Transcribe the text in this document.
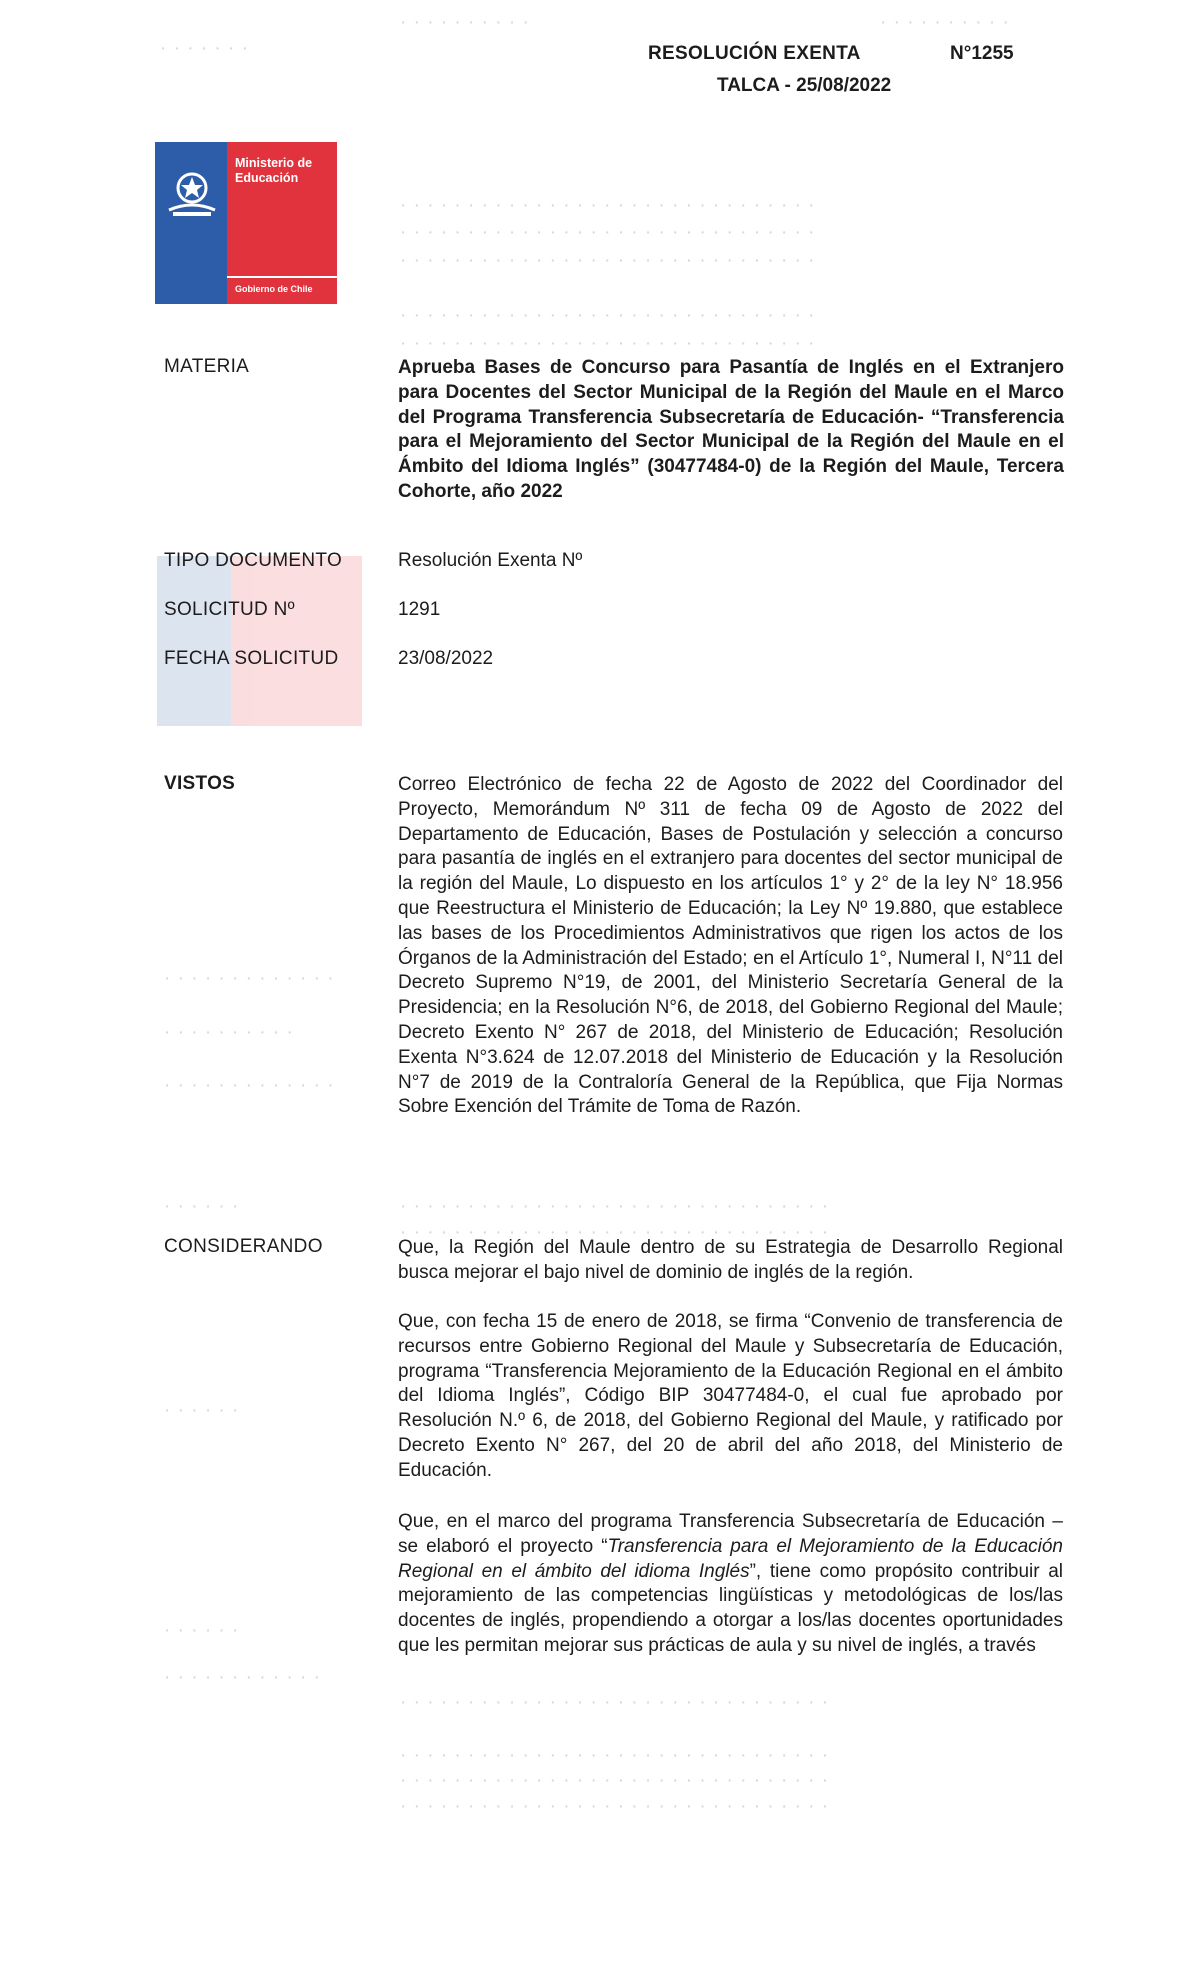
· · · · · · ·
· · · · · · · · · ·	· · · · · · · · · ·
· · · · · · · · · · · · · · · · · · · · · · · · · · · · · · ·
· · · · · · · · · · · · · · · · · · · · · · · · · · · · · · ·
· · · · · · · · · · · · · · · · · · · · · · · · · · · · · · ·
· · · · · · · · · · · · · · · · · · · · · · · · · · · · · · ·
· · · · · · · · · · · · · · · · · · · · · · · · · · · · · · ·
· · · · · · · · · · · · ·
· · · · · · · · · ·
· · · · · · · · · · · · ·
· · · · · ·	· · · · · · · · · · · · · · · · · · · · · · · · · · · · · · · ·
· · · · · · · · · · · · · · · · · · · · · · · · · · · · · · · ·
· · · · · ·
· · · · · ·
· · · · · · · · · · · ·
· · · · · · · · · · · · · · · · · · · · · · · · · · · · · · · ·
· · · · · · · · · · · · · · · · · · · · · · · · · · · · · · · ·
· · · · · · · · · · · · · · · · · · · · · · · · · · · · · · · ·
· · · · · · · · · · · · · · · · · · · · · · · · · · · · · · · ·
RESOLUCIÓN EXENTA	N°1255
TALCA - 25/08/2022
Ministerio de Educación
Gobierno de Chile
MATERIA	Aprueba Bases de Concurso para Pasantía de Inglés en el Extranjero para Docentes del Sector Municipal de la Región del Maule en el Marco del Programa Transferencia Subsecretaría de Educación- “Transferencia para el Mejoramiento del Sector Municipal de la Región del Maule en el Ámbito del Idioma Inglés” (30477484-0) de la Región del Maule, Tercera Cohorte, año 2022
TIPO DOCUMENTO	Resolución Exenta Nº
SOLICITUD Nº	1291
FECHA SOLICITUD	23/08/2022
VISTOS	Correo Electrónico de fecha 22 de Agosto de 2022 del Coordinador del Proyecto, Memorándum Nº 311 de fecha 09 de Agosto de 2022 del Departamento de Educación, Bases de Postulación y selección a concurso para pasantía de inglés en el extranjero para docentes del sector municipal de la región del Maule, Lo dispuesto en los artículos 1° y 2° de la ley N° 18.956 que Reestructura el Ministerio de Educación; la Ley Nº 19.880, que establece las bases de los Procedimientos Administrativos que rigen los actos de los Órganos de la Administración del Estado; en el Artículo 1°, Numeral I, N°11 del Decreto Supremo N°19, de 2001, del Ministerio Secretaría General de la Presidencia; en la Resolución N°6, de 2018, del Gobierno Regional del Maule; Decreto Exento N° 267 de 2018, del Ministerio de Educación; Resolución Exenta N°3.624 de 12.07.2018 del Ministerio de Educación y la Resolución N°7 de 2019 de la Contraloría General de la República, que Fija Normas Sobre Exención del Trámite de Toma de Razón.
CONSIDERANDO	Que, la Región del Maule dentro de su Estrategia de Desarrollo Regional busca mejorar el bajo nivel de dominio de inglés de la región.
Que, con fecha 15 de enero de 2018, se firma “Convenio de transferencia de recursos entre Gobierno Regional del Maule y Subsecretaría de Educación, programa “Transferencia Mejoramiento de la Educación Regional en el ámbito del Idioma Inglés”, Código BIP 30477484-0, el cual fue aprobado por Resolución N.º 6, de 2018, del Gobierno Regional del Maule, y ratificado por Decreto Exento N° 267, del 20 de abril del año 2018, del Ministerio de Educación.
Que, en el marco del programa Transferencia Subsecretaría de Educación – se elaboró el proyecto “Transferencia para el Mejoramiento de la Educación Regional en el ámbito del idioma Inglés”, tiene como propósito contribuir al mejoramiento de las competencias lingüísticas y metodológicas de los/las docentes de inglés, propendiendo a otorgar a los/las docentes oportunidades que les permitan mejorar sus prácticas de aula y su nivel de inglés, a través
